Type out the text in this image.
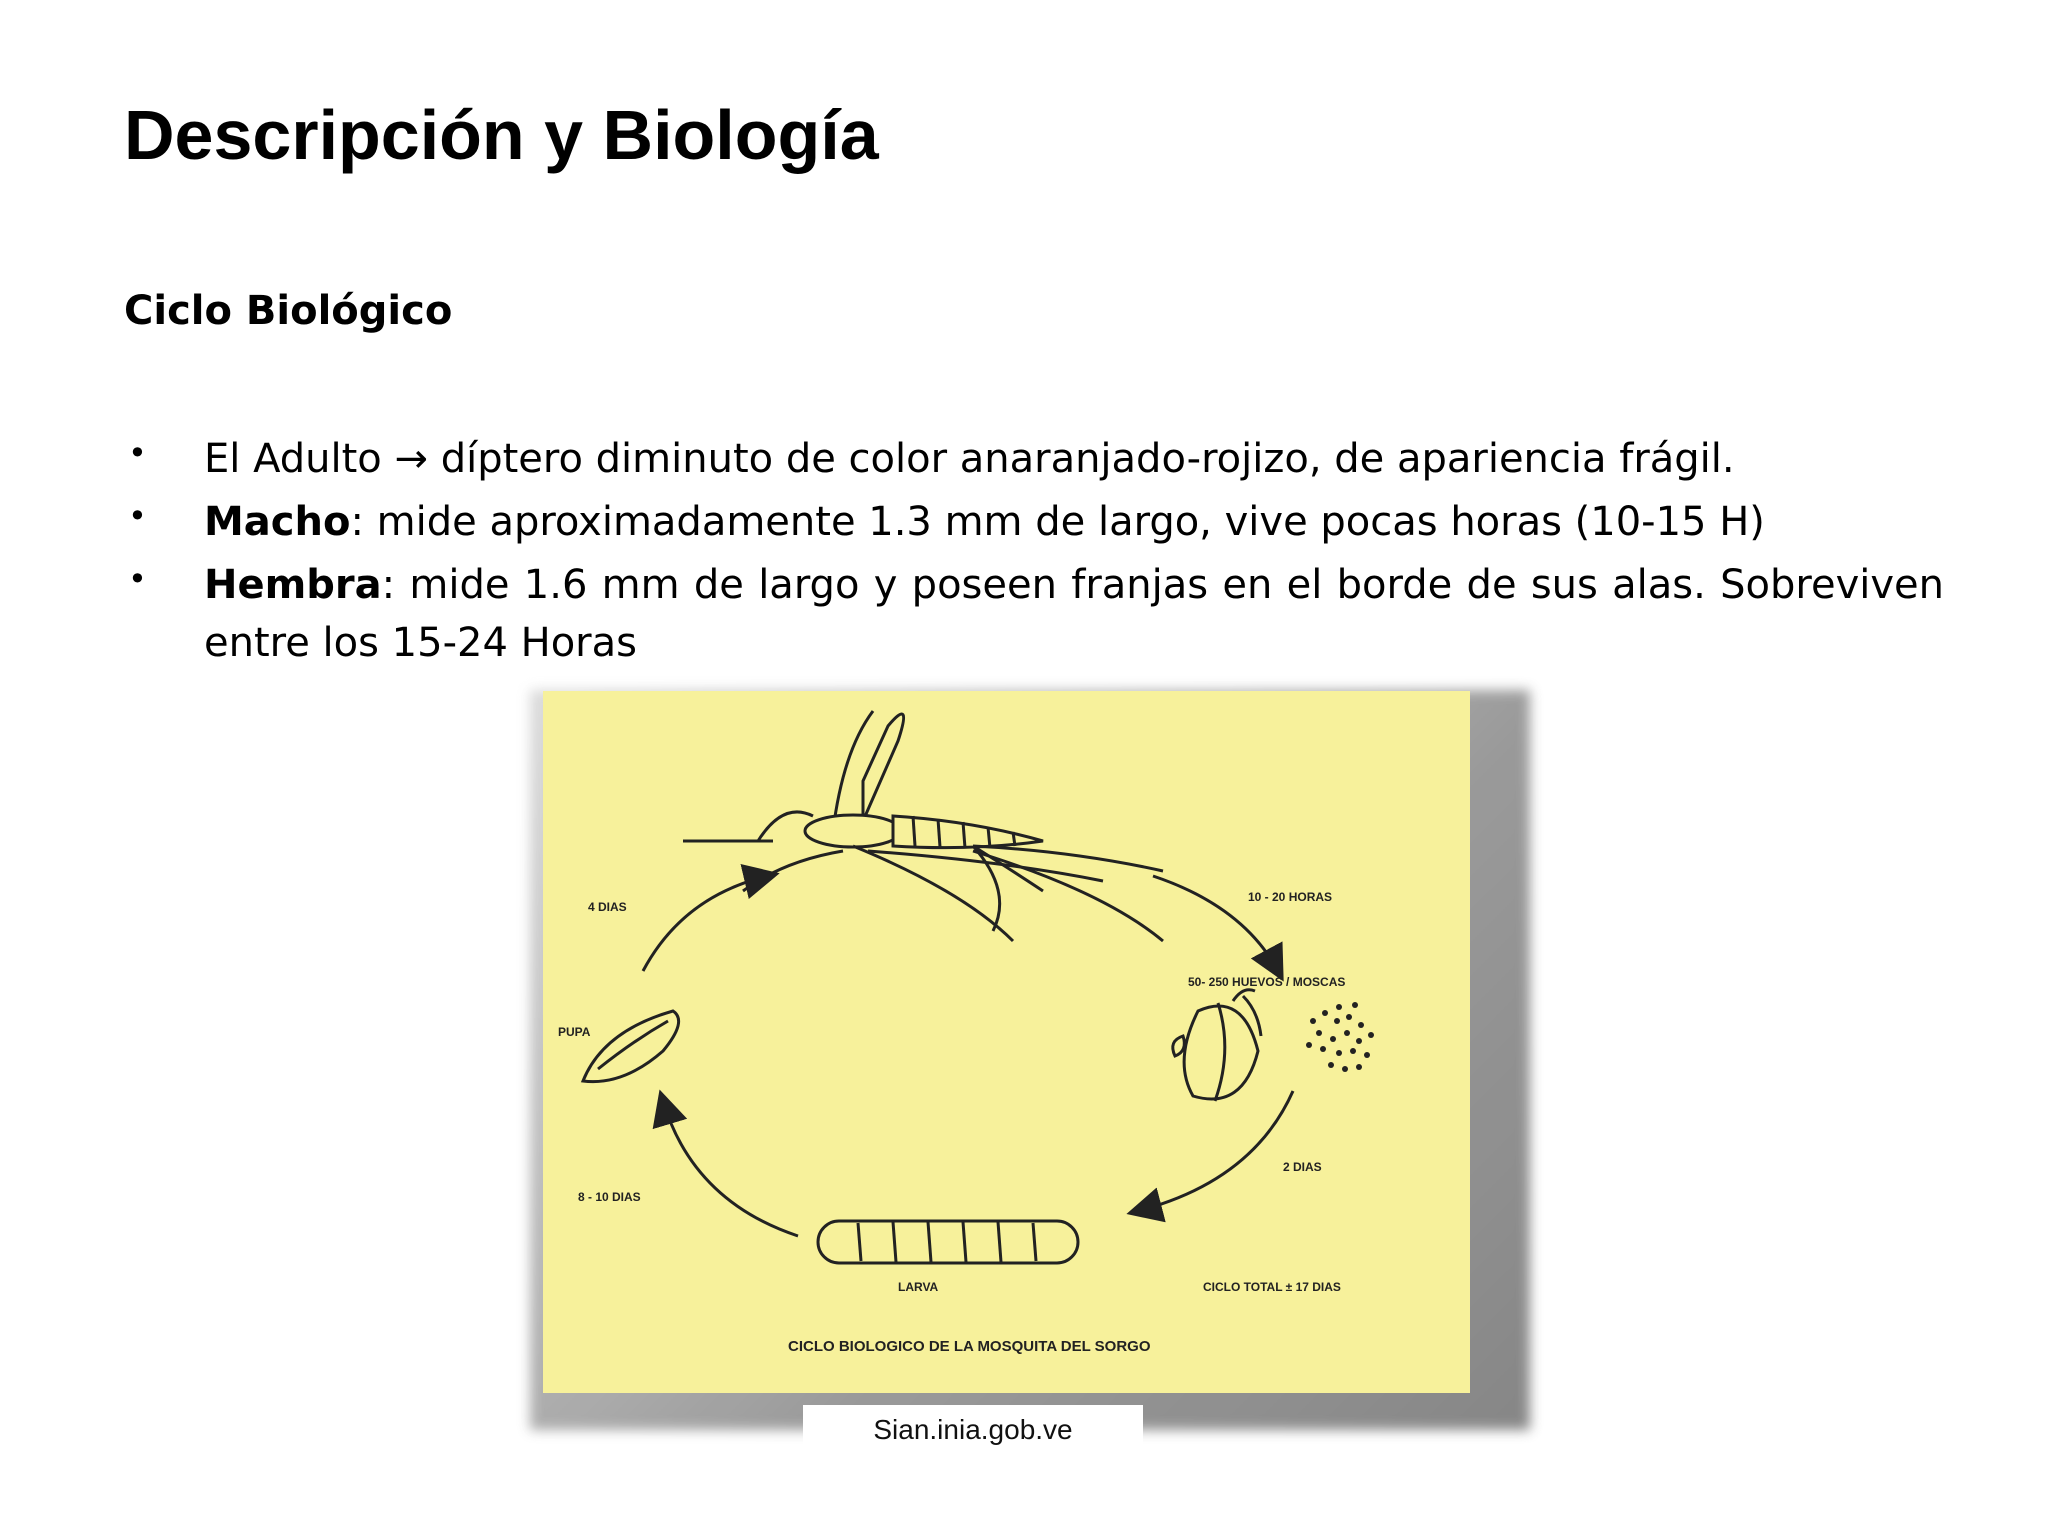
Descripción y Biología
Ciclo Biológico
• El Adulto → díptero diminuto de color anaranjado-rojizo, de apariencia frágil.
• Macho: mide aproximadamente 1.3 mm de largo, vive pocas horas (10-15 H)
• Hembra: mide 1.6 mm de largo y poseen franjas en el borde de sus alas. Sobreviven entre los 15-24 Horas
4 DIAS
10 - 20 HORAS
50- 250 HUEVOS / MOSCAS
PUPA
2 DIAS
8 - 10 DIAS
LARVA	CICLO TOTAL ± 17 DIAS
CICLO BIOLOGICO DE LA MOSQUITA DEL SORGO
Sian.inia.gob.ve
